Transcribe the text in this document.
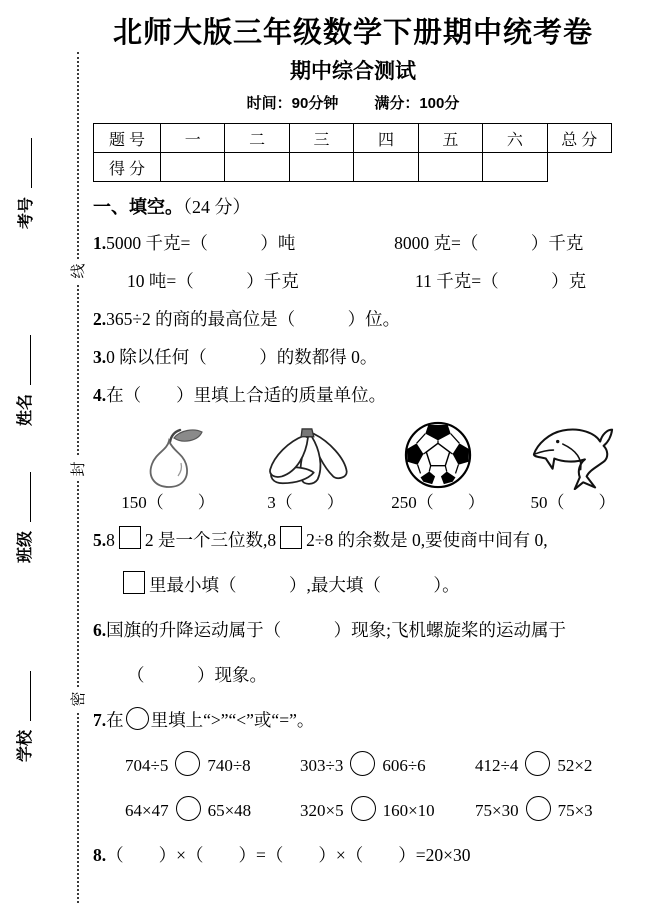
考号
姓名
班级
学校
线
封
密
北师大版三年级数学下册期中统考卷
期中综合测试
时间：90分钟 满分：100分
题 号	一	二	三	四	五	六	总 分
得 分							
一、填空。（24 分）
1.5000 千克=（　　　）吨	8000 克=（　　　）千克
10 吨=（　　　）千克	11 千克=（　　　）克
2.365÷2 的商的最高位是（　　　）位。
3.0 除以任何（　　　）的数都得 0。
4.在（　　）里填上合适的质量单位。
150（　　）	3（　　）	250（　　）	50（　　）
5.8 2 是一个三位数,8 2÷8 的余数是 0,要使商中间有 0,
里最小填（　　　）,最大填（　　　）。
6.国旗的升降运动属于（　　　）现象;飞机螺旋桨的运动属于
（　　　）现象。
7.在 里填上“>”“<”或“=”。
704÷5 740÷8	303÷3 606÷6	412÷4 52×2
64×47 65×48	320×5 160×10	75×30 75×3
8.（　　）×（　　）=（　　）×（　　）=20×30
